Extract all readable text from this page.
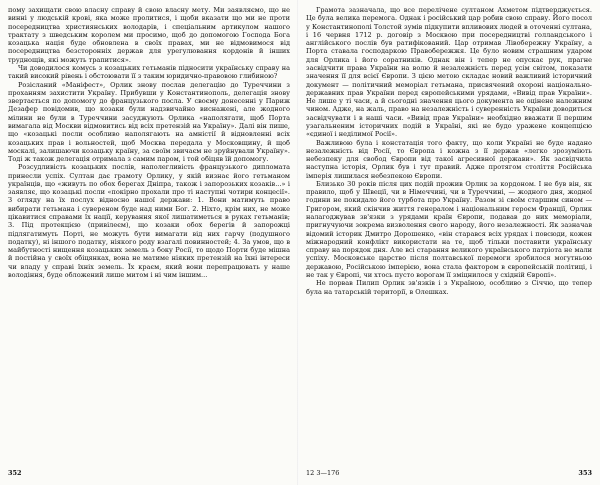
пому захищати свою власну справу й свою власну мету. Ми заявляємо, що не винні у людській крові, яка може пролитися, і щоби вказати що ми не проти посередництва християнських володарів, і спеціальним артикулом нашого трактату з шведським королем ми просимо, щоб до допомогою Господа Бога козацька нація буде обновлена в своїх правах, ми не відмовимося від посередництва безсторонніх держав для урегулювання кордонів й інших труднощів, які можуть трапитися».

Чи доводилося комусь з козацьких гетьманів підносити українську справу на такий високий рівень і обстоювати її з таким юридично-правовою глибиною?

Розісланий «Маніфест», Орлик знову послав делегацію до Туреччини з проханням захистити Україну. Прибувши у Константинополь, делегація знову звертається по допомогу до французького посла. У своєму донесенні у Париж Дезафер повідомив, що козаки були надзвичайно виснажені, але жодного мілини не були в Туреччини засуджують Орлика «наполягати, щоб Порта вимагала від Москви відмовитись від всіх претензій на Україну». Далі він пише, що «козацькі посли особливо наполягають на амністії й відновленні всіх козацьких прав і вольностей, щоб Москва передала у Московщину, й щоб москалі, залишаючи козацьку країну, за своїм звичаєм не зруйнували Україну». Тоді ж також делегація отримала з самим паром, і той обіцяв їй допомогу.

Розсудливість козацьких послів, наполегливість французького дипломата принесли успіх. Султан дає грамоту Орлику, у якій визнає його гетьманом українців, що «живуть по обох берегах Дніпра, також і запорозьких козаків...» і заявляє, що козацькі посли «покірно прохали про ті наступні чотири концесії». З огляду на їх послух відносно нашої держави: 1. Вони матимуть право вибирати гетьмана і сувереном буде над ними Бог. 2. Ніхто, крім них, не може цікавитися справами їх нації, керування якої лишатиметься в руках гетьманів; 3. Під протекцією (привілеєм), що козаки обох берегів й запорожці підлягатимуть Порті, не можуть бути вимагати від них гарчу (подушного податку), ні іншого податку, ніякого роду взагалі повинностей; 4. За умов, що в майбутності нищення козацьких земель з боку Росії, то щодо Порти буде мішна й постійна у своїх обіцянках, вона не матиме ніяких претензій на їхні інтереси чи владу у справі їхніх земель. Їх краєм, який вони перепрацювать у наше володіння, буде обложений лише митом і ні чим іншим...

352

Грамота зазначала, що все перелічене султаном Ахметом підтверджується. Це була велика перемога. Однак і російський цар робив свою справу. Його посол у Константинополі Толстой зумів підкупити впливових людей в оточенні султана, і 16 червня 1712 р. договір з Москвою при посередництві голландського і англійського послів був ратифікований. Цар отримав Лівобережну Україну, а Порта ставала господаркою Правобережжя. Це було новим страшним ударом для Орлика і його соратників. Однак він і тепер не опускає рук, прагне засвідчити права України на волю й незалежність перед усім світом, показати значення її для всієї Європи. З цією метою складає новий важливий історичний документ — політичний меморіал гетьмана, присвячений охороні національно-державних прав України перед європейськими урядами, «Вивід прав України». Не лише у ті часи, а й сьогодні значення цього документа не оцінене належним чином. Адже, на жаль, право на незалежність і суверенність України доводиться засвідчувати і в наші часи. «Вивід прав України» необхідно вважати її першим узагальненим історичних подій в Україні, які не будо уражене концепцією «єдиної і неділимої Росії».

Важливою була і констатація того факту, що коли Україні не буде надано незалежність від Росії, то Європа і кожна з її держав «легко зрозуміють небезпеку для свобод Європи від такої агресивної держави». Як засвідчила наступна історія, Орлик був і тут правий. Адже протягом століття Російська імперія лишилася небезпекою Європи.

Близько 30 років після цих подій прожив Орлик за кордоном. І не був він, як правило, щоб у Швеції, чи в Німеччині, чи в Туреччині, — жодного дня, жодної години не покидало його турбота про Україну. Разом зі своїм старшим сином — Григором, який скінчив життя генералом і національним героєм Франції, Орлик налагоджував зв'язки з урядами країн Європи, подавав до них меморіали, пригнучуючи зокрема визволення свого народу, його незалежності. Як зазначав відомий історик Дмитро Дорошенко, «він старався всіх урядах і повсюди, кожен міжнародний конфлікт використати на те, щоб тільки поставити українську справу на порядок дня. Але всі старання великого українського патріота не мали успіху. Московське царство після полтавської перемоги зробилося могутньою державою, Російською імперією, вона стала фактором в європейській політиці, і не так у Європі, чи хтось пусто ворогам її зміцнилося у східній Європі».

Не порвав Пилип Орлик зв'язків і з Україною, особливо з Січчю, що тепер була на татарській території, в Олешках.

12 3—176	353
